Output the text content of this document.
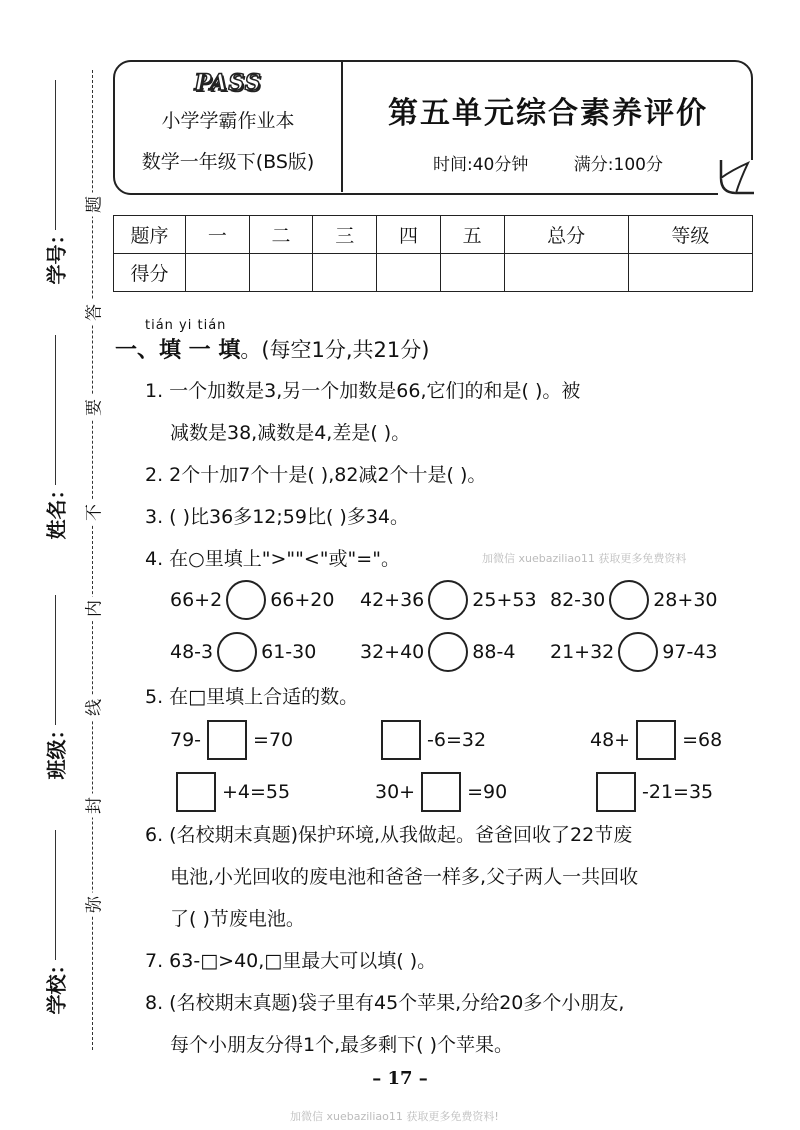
题
答
要
不
内
线
封
弥
学号：
姓名：
班级：
学校：
PASS
小学学霸作业本
数学一年级下(BS版)
第五单元综合素养评价
时间:40分钟	满分:100分
题序	一	二	三	四	五	总分	等级
得分							
tián yi tián
一、填 一 填。(每空1分,共21分)
1. 一个加数是3,另一个加数是66,它们的和是( )。被
减数是38,减数是4,差是( )。
2. 2个十加7个十是( ),82减2个十是( )。
3. ( )比36多12;59比( )多34。
4. 在○里填上">""<"或"="。	加微信 xuebaziliao11 获取更多免费资料
66+2	66+20 42+36	25+53 82-30	28+30
48-3	61-30 32+40	88-4 21+32	97-43
5. 在□里填上合适的数。
79-	=70	-6=32	48+	=68
+4=55	30+	=90	-21=35
6. (名校期末真题)保护环境,从我做起。爸爸回收了22节废
电池,小光回收的废电池和爸爸一样多,父子两人一共回收
了( )节废电池。
7. 63-□>40,□里最大可以填( )。
8. (名校期末真题)袋子里有45个苹果,分给20多个小朋友,
每个小朋友分得1个,最多剩下( )个苹果。
– 17 –
加微信 xuebaziliao11 获取更多免费资料!
